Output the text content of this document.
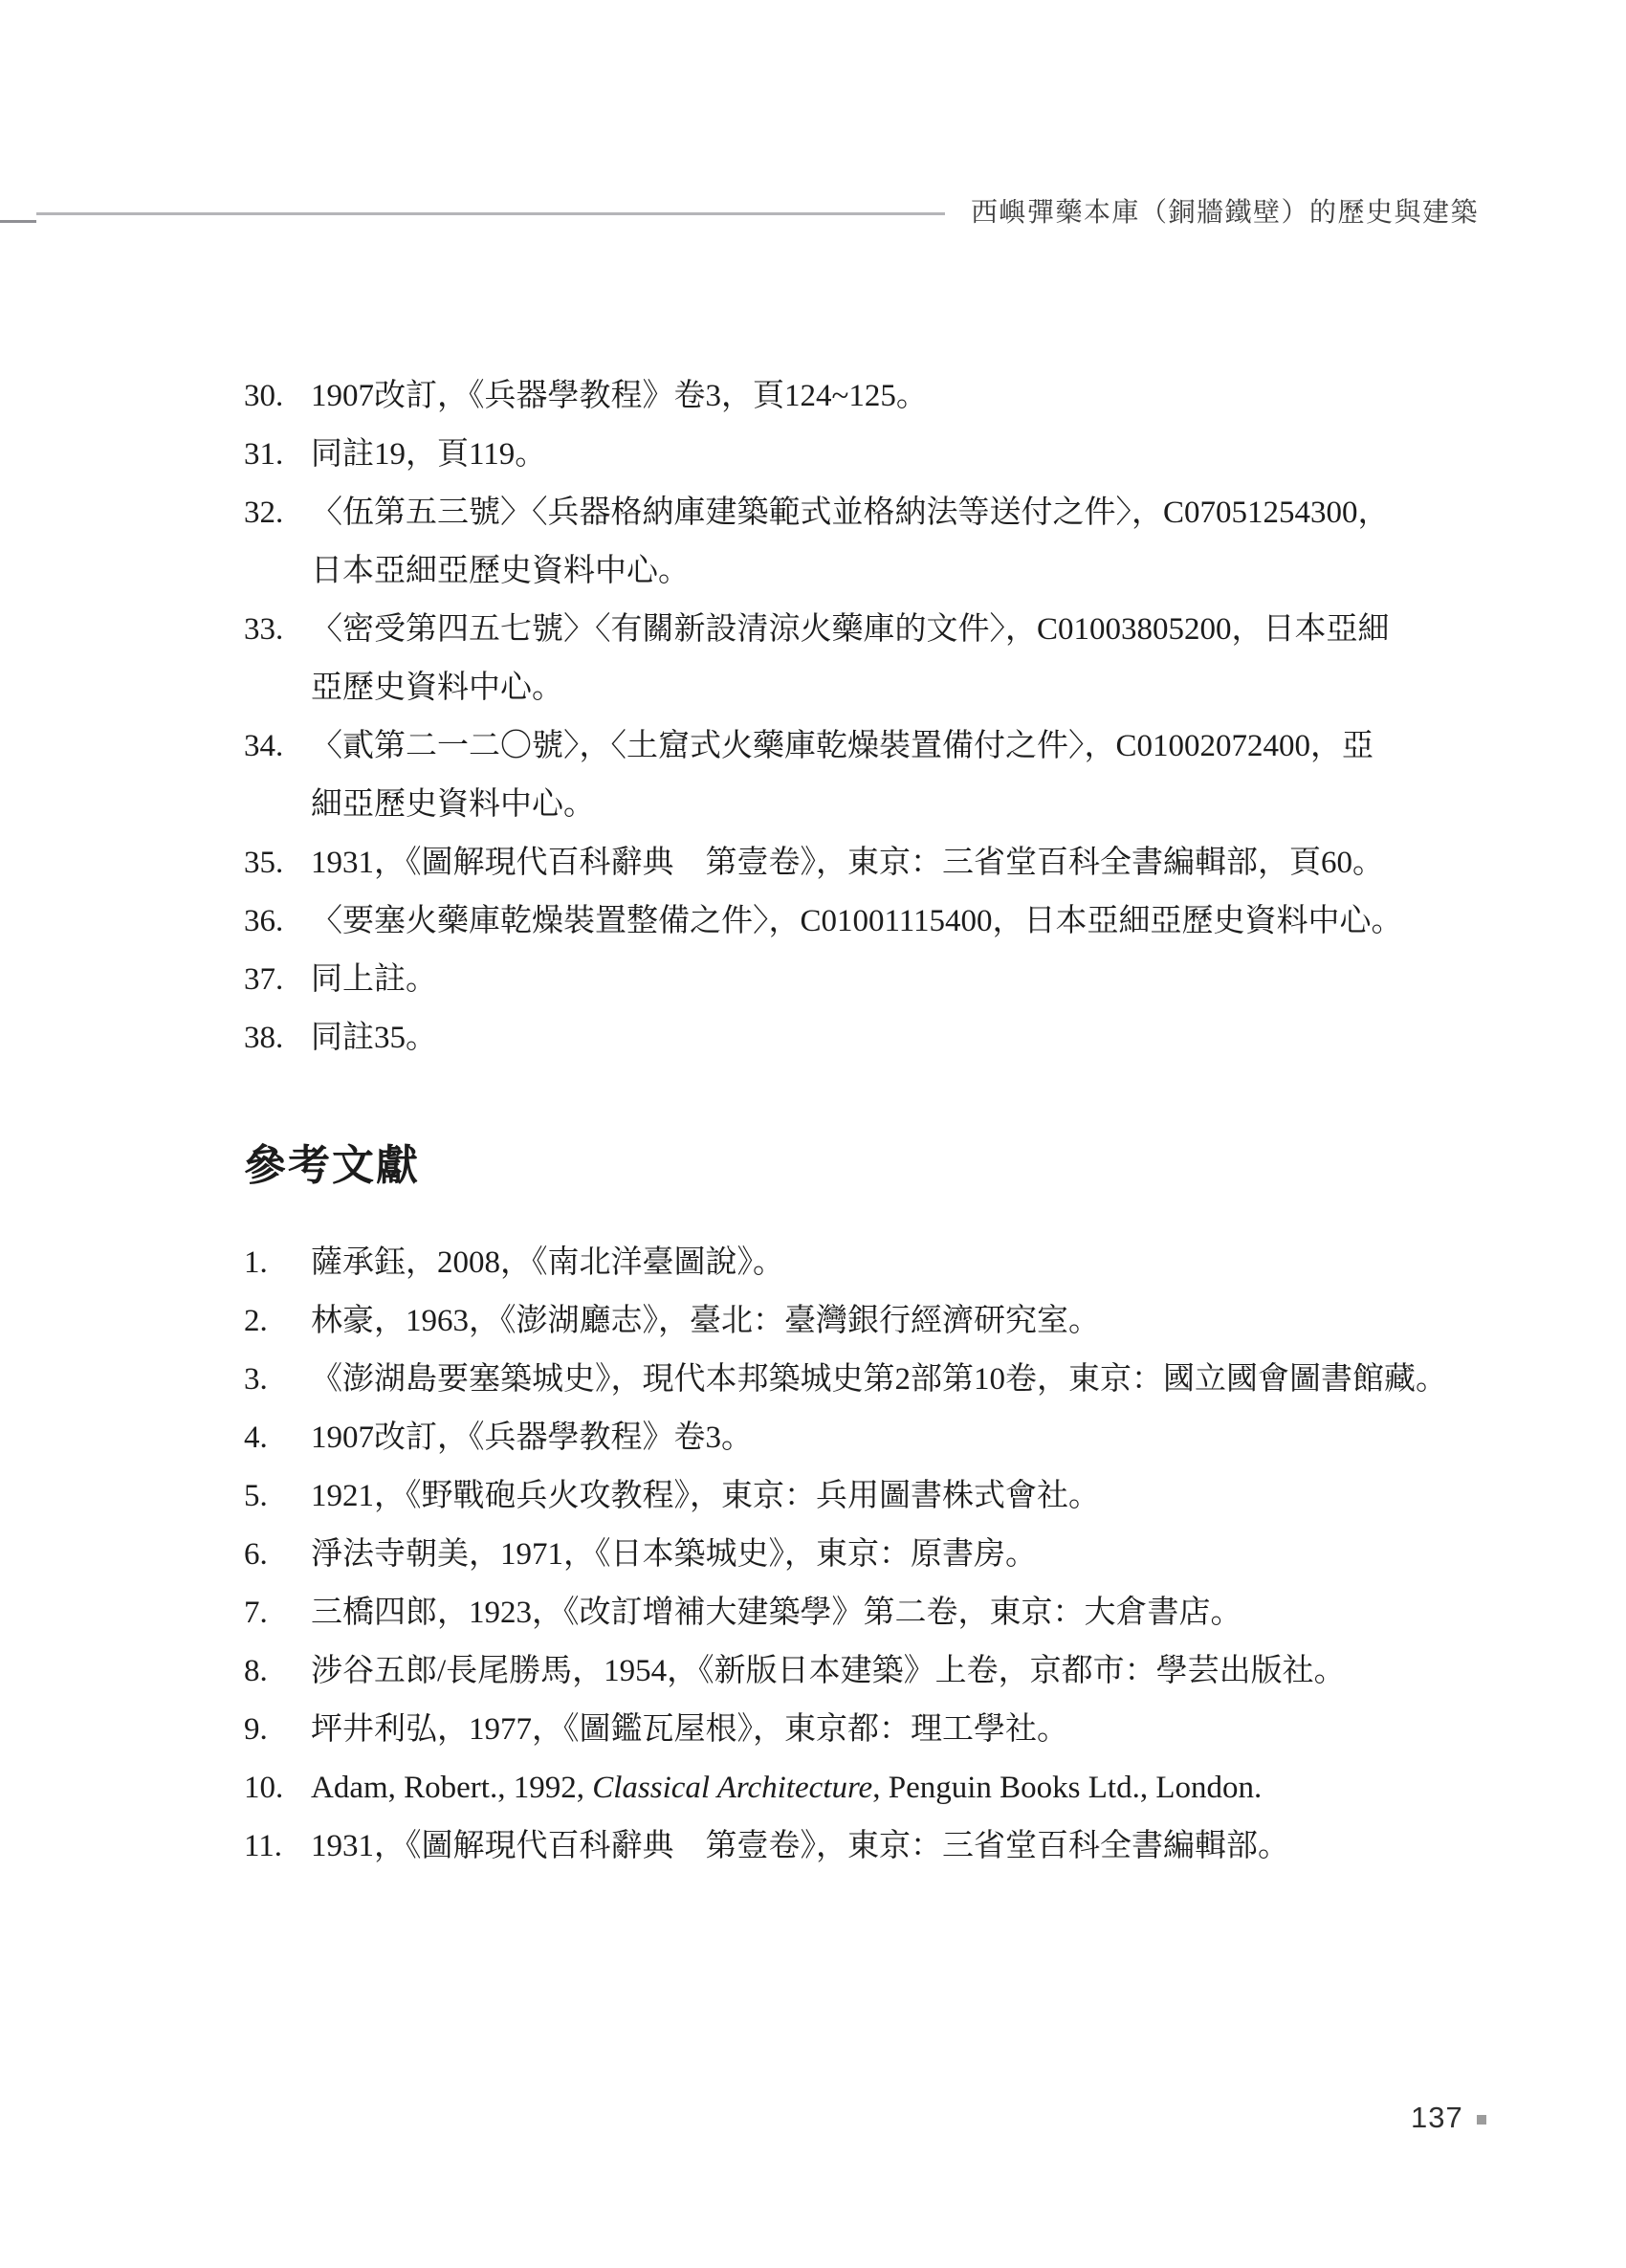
西嶼彈藥本庫（銅牆鐵壁）的歷史與建築
30. 1907改訂，《兵器學教程》卷3，頁124~125。
31. 同註19，頁119。
32. 〈伍第五三號〉〈兵器格納庫建築範式並格納法等送付之件〉，C07051254300，
日本亞細亞歷史資料中心。
33. 〈密受第四五七號〉〈有關新設清涼火藥庫的文件〉，C01003805200，日本亞細
亞歷史資料中心。
34. 〈貳第二一二〇號〉，〈土窟式火藥庫乾燥裝置備付之件〉，C01002072400，亞
細亞歷史資料中心。
35. 1931，《圖解現代百科辭典　第壹卷》，東京：三省堂百科全書編輯部，頁60。
36. 〈要塞火藥庫乾燥裝置整備之件〉，C01001115400，日本亞細亞歷史資料中心。
37. 同上註。
38. 同註35。
參考文獻
1.	薩承鈺，2008，《南北洋臺圖說》。
2.	林豪，1963，《澎湖廳志》，臺北：臺灣銀行經濟研究室。
3.	《澎湖島要塞築城史》，現代本邦築城史第2部第10卷，東京：國立國會圖書館藏。
4.	1907改訂，《兵器學教程》卷3。
5.	1921，《野戰砲兵火攻教程》，東京：兵用圖書株式會社。
6.	淨法寺朝美，1971，《日本築城史》，東京：原書房。
7.	三橋四郎，1923，《改訂增補大建築學》第二卷，東京：大倉書店。
8.	涉谷五郎/長尾勝馬，1954，《新版日本建築》上卷，京都市：學芸出版社。
9.	坪井利弘，1977，《圖鑑瓦屋根》，東京都：理工學社。
10. Adam, Robert., 1992, Classical Architecture, Penguin Books Ltd., London.
11. 1931，《圖解現代百科辭典　第壹卷》，東京：三省堂百科全書編輯部。
137
